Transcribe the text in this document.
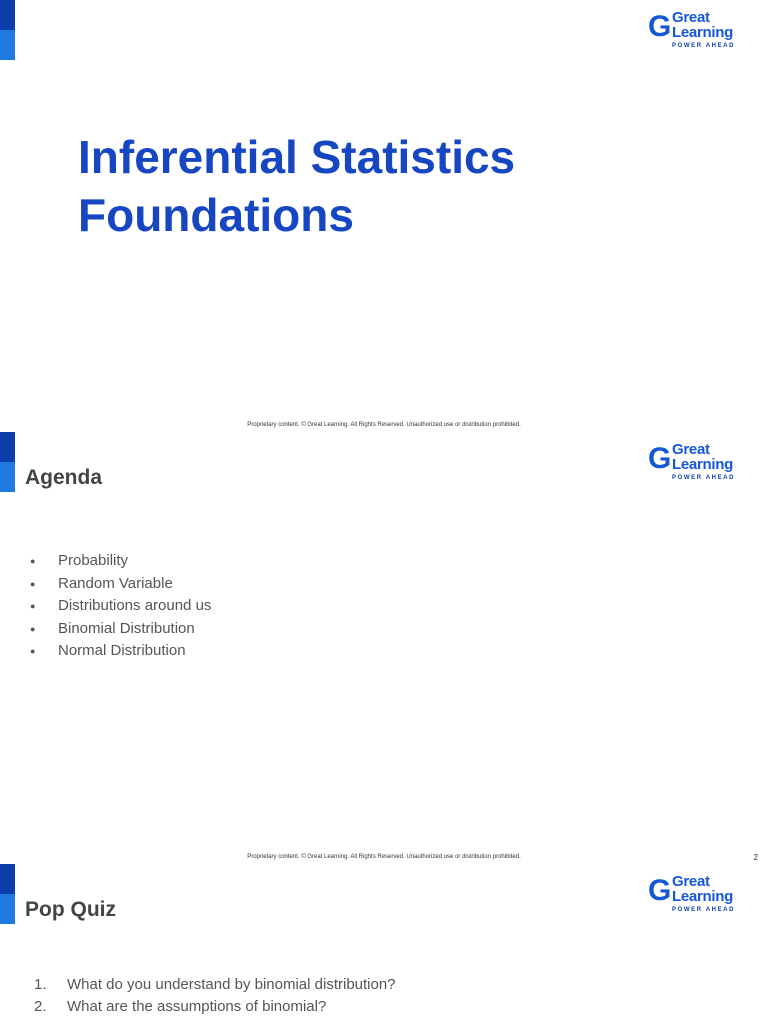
G Great
Learning
POWER AHEAD
Inferential Statistics
Foundations
Proprietary content. © Great Learning. All Rights Reserved. Unauthorized use or distribution prohibited.
G Great
Learning
POWER AHEAD
Agenda
● Probability
● Random Variable
● Distributions around us
● Binomial Distribution
● Normal Distribution
Proprietary content. © Great Learning. All Rights Reserved. Unauthorized use or distribution prohibited.	2
G Great
Learning
POWER AHEAD
Pop Quiz
1.	What do you understand by binomial distribution?
2.	What are the assumptions of binomial?
